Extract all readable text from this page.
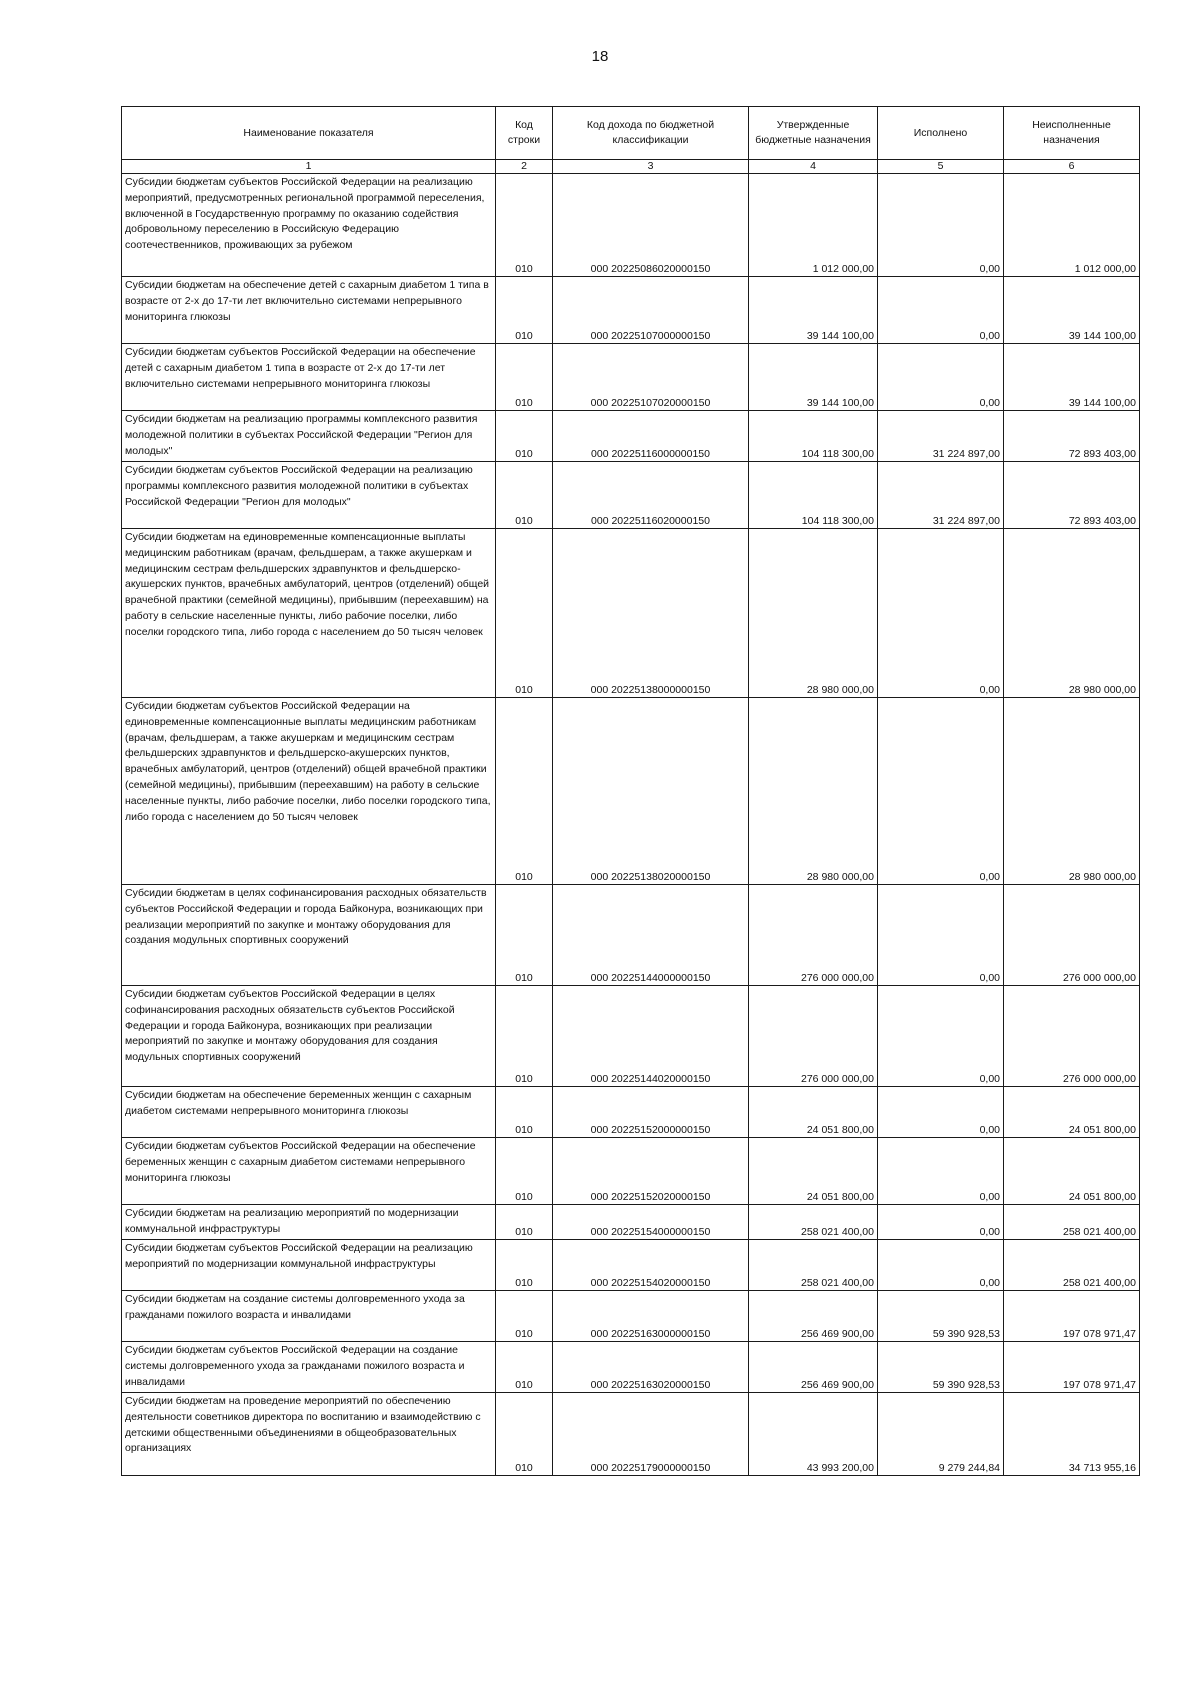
18
Наименование показателя	Код строки	Код дохода по бюджетной классификации	Утвержденные бюджетные назначения	Исполнено	Неисполненные назначения
1	2	3	4	5	6
Субсидии бюджетам субъектов Российской Федерации на реализацию мероприятий, предусмотренных региональной программой переселения, включенной в Государственную программу по оказанию содействия добровольному переселению в Российскую Федерацию соотечественников, проживающих за рубежом	010	000 20225086020000150	1 012 000,00	0,00	1 012 000,00
Субсидии бюджетам на обеспечение детей с сахарным диабетом 1 типа в возрасте от 2-х до 17-ти лет включительно системами непрерывного мониторинга глюкозы	010	000 20225107000000150	39 144 100,00	0,00	39 144 100,00
Субсидии бюджетам субъектов Российской Федерации на обеспечение детей с сахарным диабетом 1 типа в возрасте от 2-х до 17-ти лет включительно системами непрерывного мониторинга глюкозы	010	000 20225107020000150	39 144 100,00	0,00	39 144 100,00
Субсидии бюджетам на реализацию программы комплексного развития молодежной политики в субъектах Российской Федерации "Регион для молодых"	010	000 20225116000000150	104 118 300,00	31 224 897,00	72 893 403,00
Субсидии бюджетам субъектов Российской Федерации на реализацию программы комплексного развития молодежной политики в субъектах Российской Федерации "Регион для молодых"	010	000 20225116020000150	104 118 300,00	31 224 897,00	72 893 403,00
Субсидии бюджетам на единовременные компенсационные выплаты медицинским работникам (врачам, фельдшерам, а также акушеркам и медицинским сестрам фельдшерских здравпунктов и фельдшерско-акушерских пунктов, врачебных амбулаторий, центров (отделений) общей врачебной практики (семейной медицины), прибывшим (переехавшим) на работу в сельские населенные пункты, либо рабочие поселки, либо поселки городского типа, либо города с населением до 50 тысяч человек	010	000 20225138000000150	28 980 000,00	0,00	28 980 000,00
Субсидии бюджетам субъектов Российской Федерации на единовременные компенсационные выплаты медицинским работникам (врачам, фельдшерам, а также акушеркам и медицинским сестрам фельдшерских здравпунктов и фельдшерско-акушерских пунктов, врачебных амбулаторий, центров (отделений) общей врачебной практики (семейной медицины), прибывшим (переехавшим) на работу в сельские населенные пункты, либо рабочие поселки, либо поселки городского типа, либо города с населением до 50 тысяч человек	010	000 20225138020000150	28 980 000,00	0,00	28 980 000,00
Субсидии бюджетам в целях софинансирования расходных обязательств субъектов Российской Федерации и города Байконура, возникающих при реализации мероприятий по закупке и монтажу оборудования для создания модульных спортивных сооружений	010	000 20225144000000150	276 000 000,00	0,00	276 000 000,00
Субсидии бюджетам субъектов Российской Федерации в целях софинансирования расходных обязательств субъектов Российской Федерации и города Байконура, возникающих при реализации мероприятий по закупке и монтажу оборудования для создания модульных спортивных сооружений	010	000 20225144020000150	276 000 000,00	0,00	276 000 000,00
Субсидии бюджетам на обеспечение беременных женщин с сахарным диабетом системами непрерывного мониторинга глюкозы	010	000 20225152000000150	24 051 800,00	0,00	24 051 800,00
Субсидии бюджетам субъектов Российской Федерации на обеспечение беременных женщин с сахарным диабетом системами непрерывного мониторинга глюкозы	010	000 20225152020000150	24 051 800,00	0,00	24 051 800,00
Субсидии бюджетам на реализацию мероприятий по модернизации коммунальной инфраструктуры	010	000 20225154000000150	258 021 400,00	0,00	258 021 400,00
Субсидии бюджетам субъектов Российской Федерации на реализацию мероприятий по модернизации коммунальной инфраструктуры	010	000 20225154020000150	258 021 400,00	0,00	258 021 400,00
Субсидии бюджетам на создание системы долговременного ухода за гражданами пожилого возраста и инвалидами	010	000 20225163000000150	256 469 900,00	59 390 928,53	197 078 971,47
Субсидии бюджетам субъектов Российской Федерации на создание системы долговременного ухода за гражданами пожилого возраста и инвалидами	010	000 20225163020000150	256 469 900,00	59 390 928,53	197 078 971,47
Субсидии бюджетам на проведение мероприятий по обеспечению деятельности советников директора по воспитанию и взаимодействию с детскими общественными объединениями в общеобразовательных организациях	010	000 20225179000000150	43 993 200,00	9 279 244,84	34 713 955,16
